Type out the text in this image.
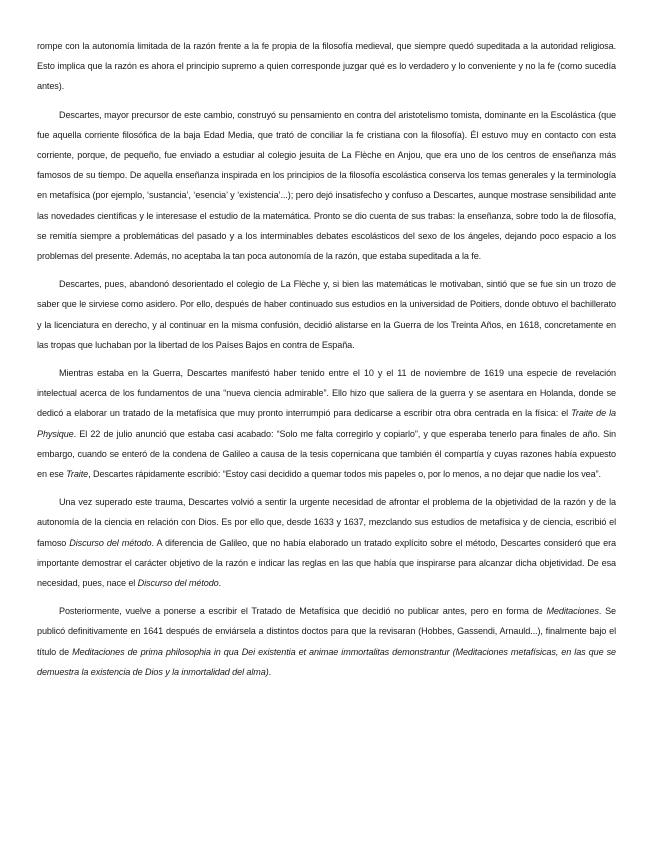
rompe con la autonomía limitada de la razón frente a la fe propia de la filosofía medieval, que siempre quedó supeditada a la autoridad religiosa. Esto implica que la razón es ahora el principio supremo a quien corresponde juzgar qué es lo verdadero y lo conveniente y no la fe (como sucedía antes).

Descartes, mayor precursor de este cambio, construyó su pensamiento en contra del aristotelismo tomista, dominante en la Escolástica (que fue aquella corriente filosófica de la baja Edad Media, que trató de conciliar la fe cristiana con la filosofía). Él estuvo muy en contacto con esta corriente, porque, de pequeño, fue enviado a estudiar al colegio jesuita de La Flèche en Anjou, que era uno de los centros de enseñanza más famosos de su tiempo. De aquella enseñanza inspirada en los principios de la filosofía escolástica conserva los temas generales y la terminología en metafísica (por ejemplo, ‘sustancia’, ‘esencia’ y ‘existencia’...); pero dejó insatisfecho y confuso a Descartes, aunque mostrase sensibilidad ante las novedades científicas y le interesase el estudio de la matemática. Pronto se dio cuenta de sus trabas: la enseñanza, sobre todo la de filosofía, se remitía siempre a problemáticas del pasado y a los interminables debates escolásticos del sexo de los ángeles, dejando poco espacio a los problemas del presente. Además, no aceptaba la tan poca autonomía de la razón, que estaba supeditada a la fe.

Descartes, pues, abandonó desorientado el colegio de La Flèche y, si bien las matemáticas le motivaban, sintió que se fue sin un trozo de saber que le sirviese como asidero. Por ello, después de haber continuado sus estudios en la universidad de Poitiers, donde obtuvo el bachillerato y la licenciatura en derecho, y al continuar en la misma confusión, decidió alistarse en la Guerra de los Treinta Años, en 1618, concretamente en las tropas que luchaban por la libertad de los Países Bajos en contra de España.

Mientras estaba en la Guerra, Descartes manifestó haber tenido entre el 10 y el 11 de noviembre de 1619 una especie de revelación intelectual acerca de los fundamentos de una “nueva ciencia admirable”. Ello hizo que saliera de la guerra y se asentara en Holanda, donde se dedicó a elaborar un tratado de la metafísica que muy pronto interrumpió para dedicarse a escribir otra obra centrada en la física: el Traite de la Physique. El 22 de julio anunció que estaba casi acabado: “Solo me falta corregirlo y copiarlo”, y que esperaba tenerlo para finales de año. Sin embargo, cuando se enteró de la condena de Galileo a causa de la tesis copernicana que también él compartía y cuyas razones había expuesto en ese Traite, Descartes rápidamente escribió: “Estoy casi decidido a quemar todos mis papeles o, por lo menos, a no dejar que nadie los vea”.

Una vez superado este trauma, Descartes volvió a sentir la urgente necesidad de afrontar el problema de la objetividad de la razón y de la autonomía de la ciencia en relación con Dios. Es por ello que, desde 1633 y 1637, mezclando sus estudios de metafísica y de ciencia, escribió el famoso Discurso del método. A diferencia de Galileo, que no había elaborado un tratado explícito sobre el método, Descartes consideró que era importante demostrar el carácter objetivo de la razón e indicar las reglas en las que había que inspirarse para alcanzar dicha objetividad. De esa necesidad, pues, nace el Discurso del método.

Posteriormente, vuelve a ponerse a escribir el Tratado de Metafísica que decidió no publicar antes, pero en forma de Meditaciones. Se publicó definitivamente en 1641 después de enviársela a distintos doctos para que la revisaran (Hobbes, Gassendi, Arnauld...), finalmente bajo el título de Meditaciones de prima philosophia in qua Dei existentia et animae immortalitas demonstrantur (Meditaciones metafísicas, en las que se demuestra la existencia de Dios y la inmortalidad del alma).
